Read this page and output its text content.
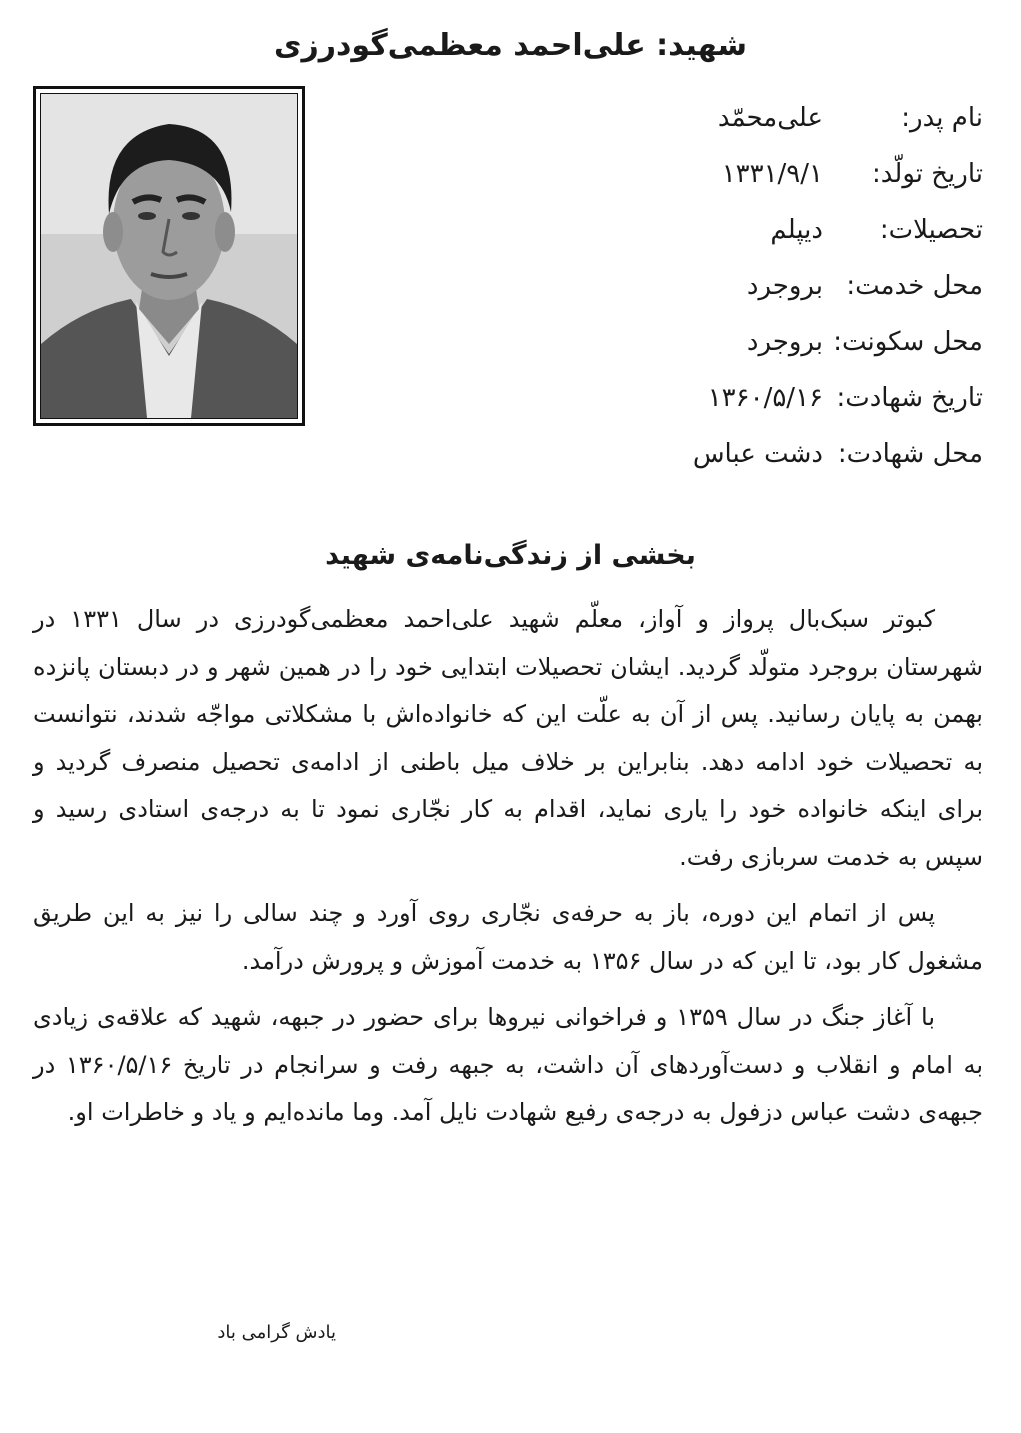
شهید: علی‌احمد معظمی‌گودرزی
نام پدر:
علی‌محمّد
تاریخ تولّد:
۱۳۳۱/۹/۱
تحصیلات:
دیپلم
محل خدمت:
بروجرد
محل سکونت:
بروجرد
تاریخ شهادت:
۱۳۶۰/۵/۱۶
محل شهادت:
دشت عباس
بخشی از زندگی‌نامه‌ی شهید

کبوتر سبک‌بال پرواز و آواز، معلّم شهید علی‌احمد معظمی‌گودرزی در سال ۱۳۳۱ در شهرستان بروجرد متولّد گردید. ایشان تحصیلات ابتدایی خود را در همین شهر و در دبستان پانزده بهمن به پایان رسانید. پس از آن به علّت این که خانواده‌اش با مشکلاتی مواجّه شدند، نتوانست به تحصیلات خود ادامه دهد. بنابراین بر خلاف میل باطنی از ادامه‌ی تحصیل منصرف گردید و برای اینکه خانواده خود را یاری نماید، اقدام به کار نجّاری نمود تا به درجه‌ی استادی رسید و سپس به خدمت سربازی رفت.

پس از اتمام این دوره، باز به حرفه‌ی نجّاری روی آورد و چند سالی را نیز به این طریق مشغول کار بود، تا این که در سال ۱۳۵۶ به خدمت آموزش و پرورش درآمد.

با آغاز جنگ در سال ۱۳۵۹ و فراخوانی نیروها برای حضور در جبهه، شهید که علاقه‌ی زیادی به امام و انقلاب و دست‌آوردهای آن داشت، به جبهه رفت و سرانجام در تاریخ ۱۳۶۰/۵/۱۶ در جبهه‌ی دشت عباس دزفول به درجه‌ی رفیع شهادت نایل آمد. وما مانده‌ایم و یاد و خاطرات او.

یادش گرامی باد
